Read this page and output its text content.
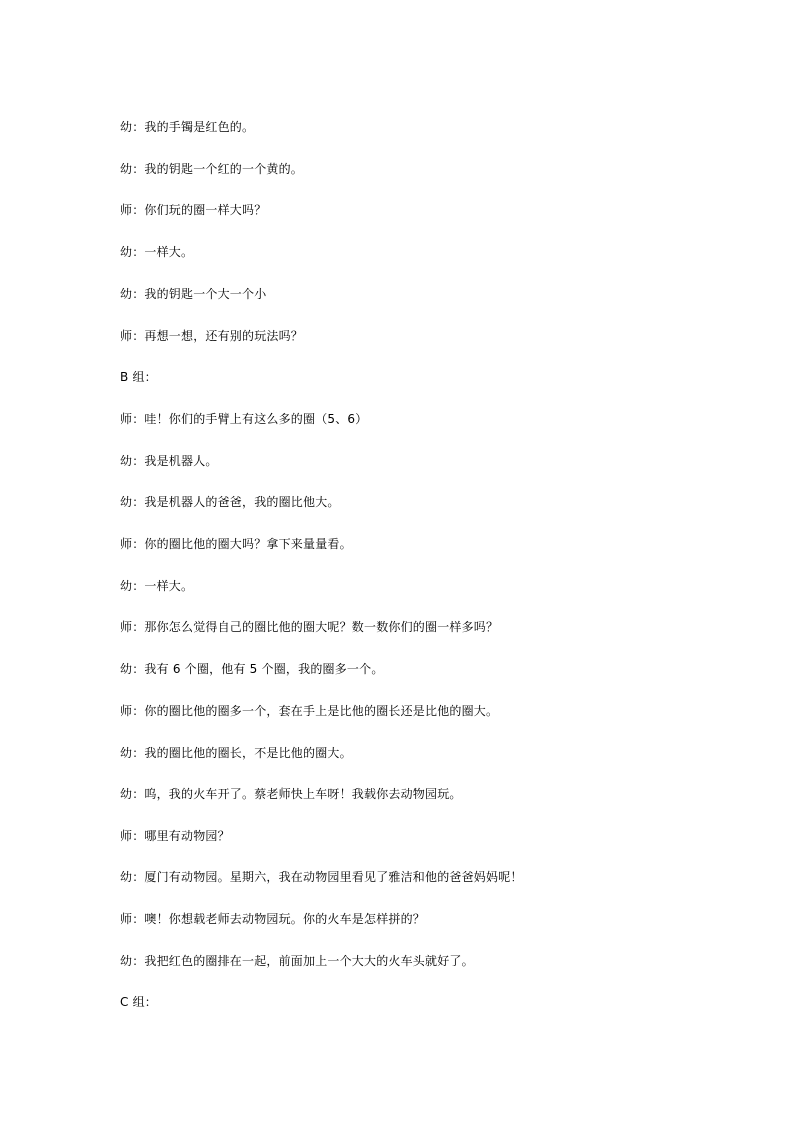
幼：我的手镯是红色的。
幼：我的钥匙一个红的一个黄的。
师：你们玩的圈一样大吗？
幼：一样大。
幼：我的钥匙一个大一个小
师：再想一想，还有别的玩法吗？
B 组：
师：哇！你们的手臂上有这么多的圈（5、6）
幼：我是机器人。
幼：我是机器人的爸爸，我的圈比他大。
师：你的圈比他的圈大吗？拿下来量量看。
幼：一样大。
师：那你怎么觉得自己的圈比他的圈大呢？数一数你们的圈一样多吗？
幼：我有 6 个圈，他有 5 个圈，我的圈多一个。
师：你的圈比他的圈多一个，套在手上是比他的圈长还是比他的圈大。
幼：我的圈比他的圈长，不是比他的圈大。
幼：呜，我的火车开了。蔡老师快上车呀！我载你去动物园玩。
师：哪里有动物园？
幼：厦门有动物园。星期六，我在动物园里看见了雅洁和他的爸爸妈妈呢！
师：噢！你想载老师去动物园玩。你的火车是怎样拼的？
幼：我把红色的圈排在一起，前面加上一个大大的火车头就好了。
C 组：
